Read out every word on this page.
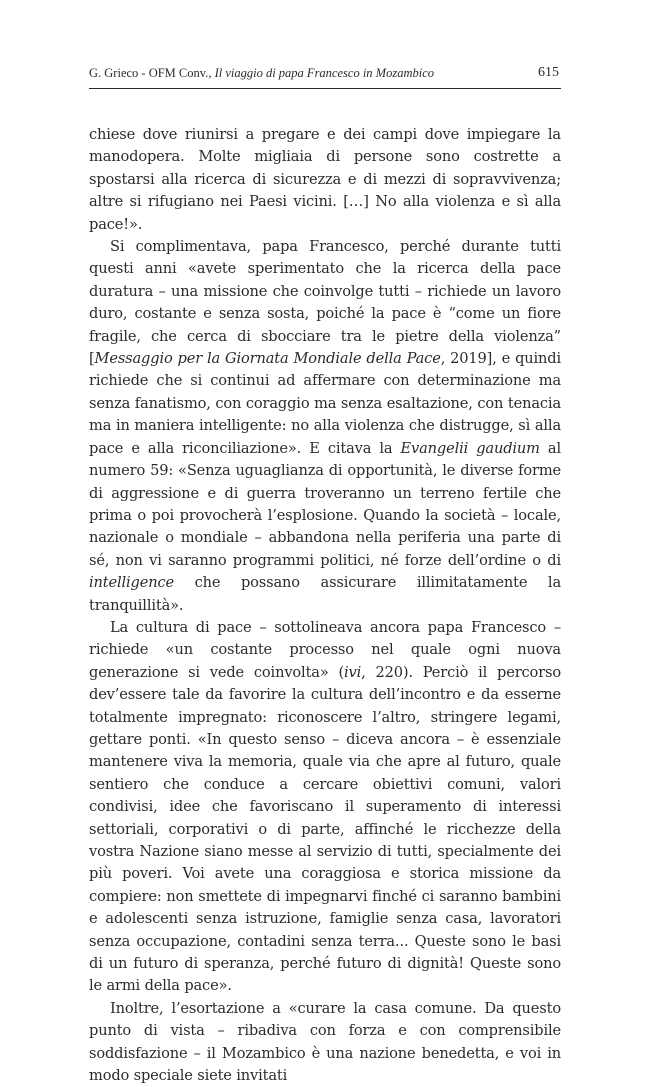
G. Grieco - OFM Conv., Il viaggio di papa Francesco in Mozambico	615

chiese dove riunirsi a pregare e dei campi dove impiegare la manodopera. Molte migliaia di persone sono costrette a spostarsi alla ricerca di sicurezza e di mezzi di sopravvivenza; altre si rifugiano nei Paesi vicini. […] No alla violenza e sì alla pace!».

Si complimentava, papa Francesco, perché durante tutti questi anni «avete sperimentato che la ricerca della pace duratura – una missione che coinvolge tutti – richiede un lavoro duro, costante e senza sosta, poiché la pace è “come un fiore fragile, che cerca di sbocciare tra le pietre della violenza” [Messaggio per la Giornata Mondiale della Pace, 2019], e quindi richiede che si continui ad affermare con determinazione ma senza fanatismo, con coraggio ma senza esaltazione, con tenacia ma in maniera intelligente: no alla violenza che distrugge, sì alla pace e alla riconciliazione». E citava la Evangelii gaudium al numero 59: «Senza uguaglianza di opportunità, le diverse forme di aggressione e di guerra troveranno un terreno fertile che prima o poi provocherà l’esplosione. Quando la società – locale, nazionale o mondiale – abbandona nella periferia una parte di sé, non vi saranno programmi politici, né forze dell’ordine o di intelligence che possano assicurare illimitatamente la tranquillità».

La cultura di pace – sottolineava ancora papa Francesco – richiede «un costante processo nel quale ogni nuova generazione si vede coinvolta» (ivi, 220). Perciò il percorso dev’essere tale da favorire la cultura dell’incontro e da esserne totalmente impregnato: riconoscere l’altro, stringere legami, gettare ponti. «In questo senso – diceva ancora – è essenziale mantenere viva la memoria, quale via che apre al futuro, quale sentiero che conduce a cercare obiettivi comuni, valori condivisi, idee che favoriscano il superamento di interessi settoriali, corporativi o di parte, affinché le ricchezze della vostra Nazione siano messe al servizio di tutti, specialmente dei più poveri. Voi avete una coraggiosa e storica missione da compiere: non smettete di impegnarvi finché ci saranno bambini e adolescenti senza istruzione, famiglie senza casa, lavoratori senza occupazione, contadini senza terra... Queste sono le basi di un futuro di speranza, perché futuro di dignità! Queste sono le armi della pace».

Inoltre, l’esortazione a «curare la casa comune. Da questo punto di vista – ribadiva con forza e con comprensibile soddisfazione – il Mozambico è una nazione benedetta, e voi in modo speciale siete invitati
